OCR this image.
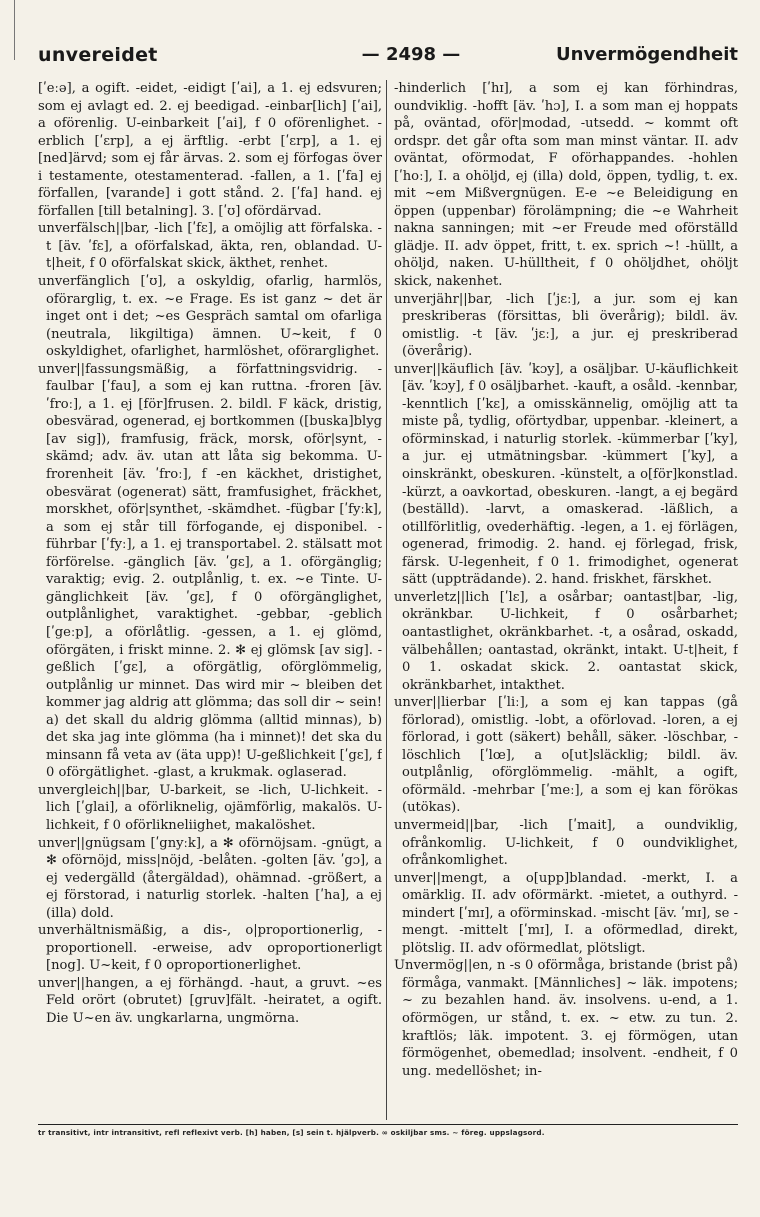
unvereidet	— 2498 —	Unvermögendheit

[ʹeːə], a ogift. -eidet, -eidigt [ʹai], a 1. ej edsvuren; som ej avlagt ed. 2. ej beedigad. -einbar[lich] [ʹai], a oförenlig. U-einbarkeit [ʹai], f 0 oförenlighet. -erblich [ʹɛrp], a ej ärftlig. -erbt [ʹɛrp], a 1. ej [ned]ärvd; som ej får ärvas. 2. som ej förfogas över i testamente, otestamenterad. -fallen, a 1. [ʹfa] ej förfallen, [varande] i gott stånd. 2. [ʹfa] hand. ej förfallen [till betalning]. 3. [ʹʊ] ofördärvad.

unverfälsch||bar, -lich [ʹfɛ], a omöjlig att förfalska. -t [äv. ʹfɛ], a oförfalskad, äkta, ren, oblandad. U-t|heit, f 0 oförfalskat skick, äkthet, renhet.

unverfänglich [ʹʊ], a oskyldig, ofarlig, harmlös, oförarglig, t. ex. ~e Frage. Es ist ganz ~ det är inget ont i det; ~es Gespräch samtal om ofarliga (neutrala, likgiltiga) ämnen. U~keit, f 0 oskyldighet, ofarlighet, harmlöshet, oförarglighet.

unver||fassungsmäßig, a författningsvidrig. -faulbar [ʹfau], a som ej kan ruttna. -froren [äv. ʹfroː], a 1. ej [för]frusen. 2. bildl. F käck, dristig, obesvärad, ogenerad, ej bortkommen ([buska]blyg [av sig]), framfusig, fräck, morsk, oför|synt, -skämd; adv. äv. utan att låta sig bekomma. U-frorenheit [äv. ʹfroː], f -en käckhet, dristighet, obesvärat (ogenerat) sätt, framfusighet, fräckhet, morskhet, oför|synthet, -skämdhet. -fügbar [ʹfyːk], a som ej står till förfogande, ej disponibel. -führbar [ʹfyː], a 1. ej transportabel. 2. stälsatt mot förförelse. -gänglich [äv. ʹgɛ], a 1. oförgänglig; varaktig; evig. 2. outplånlig, t. ex. ~e Tinte. U-gänglichkeit [äv. ʹgɛ], f 0 oförgänglighet, outplånlighet, varaktighet. -gebbar, -geblich [ʹgeːp], a oförlåtlig. -gessen, a 1. ej glömd, oförgäten, i friskt minne. 2. ✻ ej glömsk [av sig]. -geßlich [ʹgɛ], a oförgätlig, oförglömmelig, outplånlig ur minnet. Das wird mir ~ bleiben det kommer jag aldrig att glömma; das soll dir ~ sein! a) det skall du aldrig glömma (alltid minnas), b) det ska jag inte glömma (ha i minnet)! det ska du minsann få veta av (äta upp)! U-geßlichkeit [ʹgɛ], f 0 oförgätlighet. -glast, a krukmak. oglaserad.

unvergleich||bar, U-barkeit, se -lich, U-lichkeit. -lich [ʹglai], a oförliknelig, ojämförlig, makalös. U-lichkeit, f 0 oförlikneliighet, makalöshet.

unver||gnügsam [ʹgnyːk], a ✻ oförnöjsam. -gnügt, a ✻ oförnöjd, miss|nöjd, -belåten. -golten [äv. ʹgɔ], a ej vedergälld (återgäldad), ohämnad. -größert, a ej förstorad, i naturlig storlek. -halten [ʹha], a ej (illa) dold.

unverhältnismäßig, a dis-, o|proportionerlig, -proportionell. -erweise, adv oproportionerligt [nog]. U~keit, f 0 oproportionerlighet.

unver||hangen, a ej förhängd. -haut, a gruvt. ~es Feld orört (obrutet) [gruv]fält. -heiratet, a ogift. Die U~en äv. ungkarlarna, ungmörna.

-hinderlich [ʹhɪ], a som ej kan förhindras, oundviklig. -hofft [äv. ʹhɔ], I. a som man ej hoppats på, oväntad, oför|modad, -utsedd. ~ kommt oft ordspr. det går ofta som man minst väntar. II. adv oväntat, oförmodat, F oförhappandes. -hohlen [ʹhoː], I. a ohöljd, ej (illa) dold, öppen, tydlig, t. ex. mit ~em Mißvergnügen. E-e ~e Beleidigung en öppen (uppenbar) förolämpning; die ~e Wahrheit nakna sanningen; mit ~er Freude med oförställd glädje. II. adv öppet, fritt, t. ex. sprich ~! -hüllt, a ohöljd, naken. U-hülltheit, f 0 ohöljdhet, ohöljt skick, nakenhet.

unverjähr||bar, -lich [ʹjɛː], a jur. som ej kan preskriberas (försittas, bli överårig); bildl. äv. omistlig. -t [äv. ʹjɛː], a jur. ej preskriberad (överårig).

unver||käuflich [äv. ʹkɔy], a osäljbar. U-käuflichkeit [äv. ʹkɔy], f 0 osäljbarhet. -kauft, a osåld. -kennbar, -kenntlich [ʹkɛ], a omisskännelig, omöjlig att ta miste på, tydlig, oförtydbar, uppenbar. -kleinert, a oförminskad, i naturlig storlek. -kümmerbar [ʹky], a jur. ej utmätningsbar. -kümmert [ʹky], a oinskränkt, obeskuren. -künstelt, a o[för]konstlad. -kürzt, a oavkortad, obeskuren. -langt, a ej begärd (beställd). -larvt, a omaskerad. -läßlich, a otillförlitlig, ovederhäftig. -legen, a 1. ej förlägen, ogenerad, frimodig. 2. hand. ej förlegad, frisk, färsk. U-legenheit, f 0 1. frimodighet, ogenerat sätt (uppträdande). 2. hand. friskhet, färskhet.

unverletz||lich [ʹlɛ], a osårbar; oantast|bar, -lig, okränkbar. U-lichkeit, f 0 osårbarhet; oantastlighet, okränkbarhet. -t, a osårad, oskadd, välbehållen; oantastad, okränkt, intakt. U-t|heit, f 0 1. oskadat skick. 2. oantastat skick, okränkbarhet, intakthet.

unver||lierbar [ʹliː], a som ej kan tappas (gå förlorad), omistlig. -lobt, a oförlovad. -loren, a ej förlorad, i gott (säkert) behåll, säker. -löschbar, -löschlich [ʹlœ], a o[ut]släcklig; bildl. äv. outplånlig, oförglömmelig. -mählt, a ogift, oförmäld. -mehrbar [ʹmeː], a som ej kan förökas (utökas).

unvermeid||bar, -lich [ʹmait], a oundviklig, ofrånkomlig. U-lichkeit, f 0 oundviklighet, ofrånkomlighet.

unver||mengt, a o[upp]blandad. -merkt, I. a omärklig. II. adv oförmärkt. -mietet, a outhyrd. -mindert [ʹmɪ], a oförminskad. -mischt [äv. ʹmɪ], se -mengt. -mittelt [ʹmɪ], I. a oförmedlad, direkt, plötslig. II. adv oförmedlat, plötsligt.

Unvermög||en, n -s 0 oförmåga, bristande (brist på) förmåga, vanmakt. [Männliches] ~ läk. impotens; ~ zu bezahlen hand. äv. insolvens. u-end, a 1. oförmögen, ur stånd, t. ex. ~ etw. zu tun. 2. kraftlös; läk. impotent. 3. ej förmögen, utan förmögenhet, obemedlad; insolvent. -endheit, f 0 ung. medellöshet; in-

tr transitivt, intr intransitivt, refl reflexivt verb. [h] haben, [s] sein t. hjälpverb. ∞ oskiljbar sms. ~ föreg. uppslagsord.
